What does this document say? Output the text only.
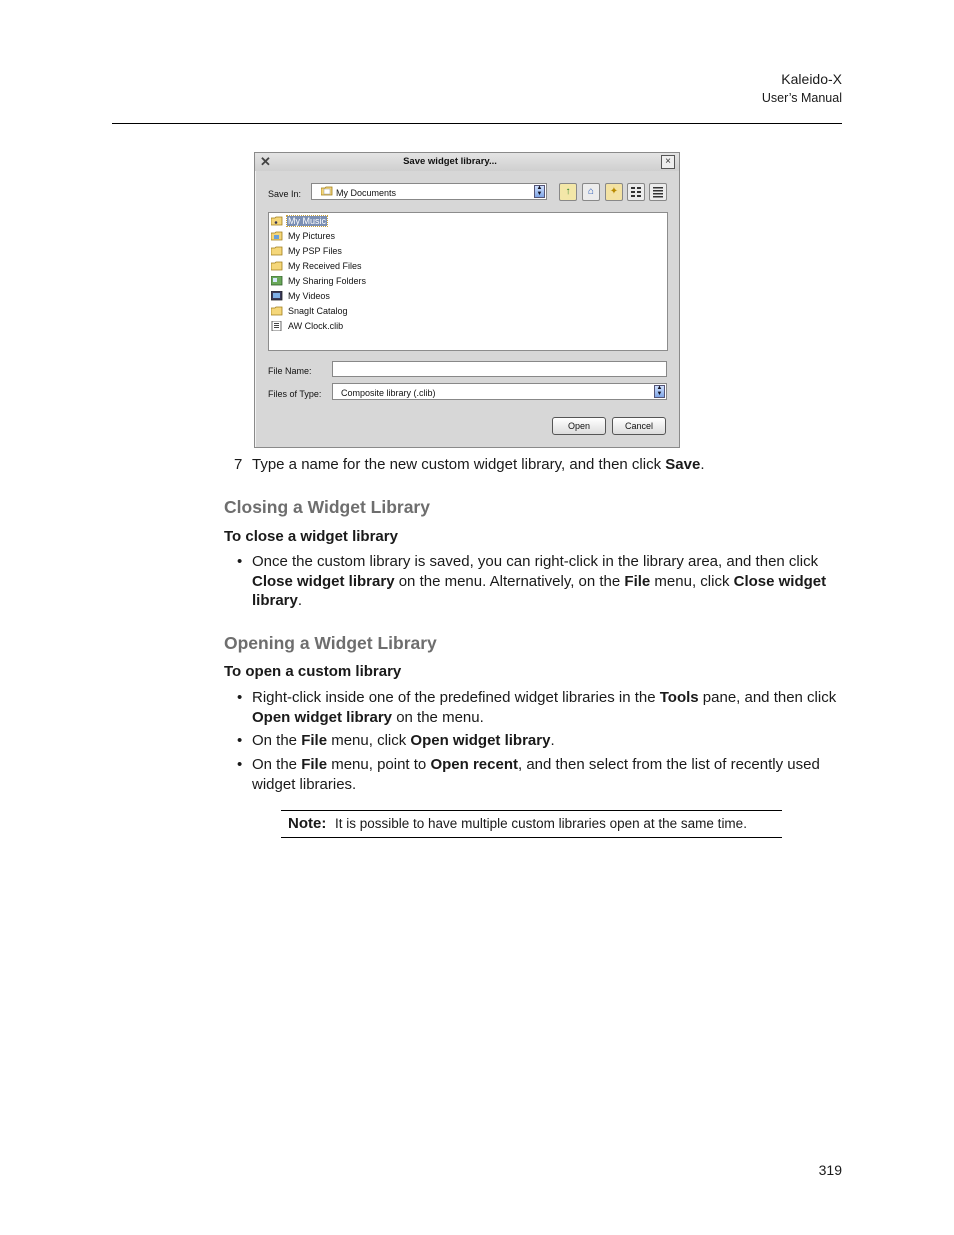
Kaleido-X
User’s Manual
✕	Save widget library...	×
Save In:	My Documents	▲
▼	↑	⌂	✦
My Music
My Pictures
My PSP Files
My Received Files
My Sharing Folders
My Videos
SnagIt Catalog
AW Clock.clib
File Name:
Files of Type: Composite library (.clib)	▲
▼
Open	Cancel
7 Type a name for the new custom widget library, and then click Save.
Closing a Widget Library
To close a widget library
• Once the custom library is saved, you can right-click in the library area, and then click Close widget library on the menu. Alternatively, on the File menu, click Close widget library.
Opening a Widget Library
To open a custom library
• Right-click inside one of the predefined widget libraries in the Tools pane, and then click Open widget library on the menu.
• On the File menu, click Open widget library.
• On the File menu, point to Open recent, and then select from the list of recently used widget libraries.
Note: It is possible to have multiple custom libraries open at the same time.
319
